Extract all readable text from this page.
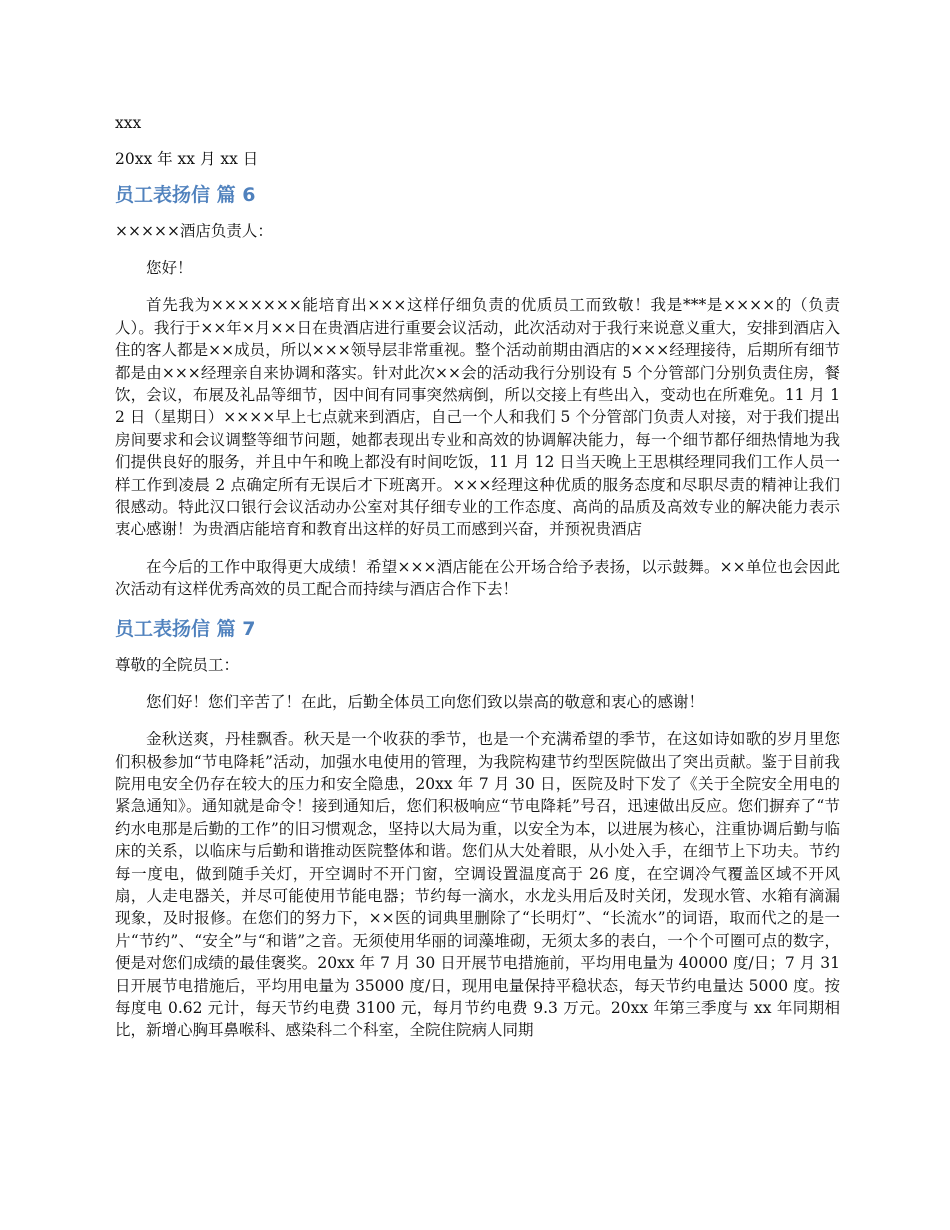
xxx

20xx 年 xx 月 xx 日

员工表扬信 篇 6

×××××酒店负责人：

您好！

首先我为×××××××能培育出×××这样仔细负责的优质员工而致敬！我是***是××××的（负责人）。我行于××年×月××日在贵酒店进行重要会议活动，此次活动对于我行来说意义重大，安排到酒店入住的客人都是××成员，所以×××领导层非常重视。整个活动前期由酒店的×××经理接待，后期所有细节都是由×××经理亲自来协调和落实。针对此次××会的活动我行分别设有 5 个分管部门分别负责住房，餐饮，会议，布展及礼品等细节，因中间有同事突然病倒，所以交接上有些出入，变动也在所难免。11 月 12 日（星期日）××××早上七点就来到酒店，自己一个人和我们 5 个分管部门负责人对接，对于我们提出房间要求和会议调整等细节问题，她都表现出专业和高效的协调解决能力，每一个细节都仔细热情地为我们提供良好的服务，并且中午和晚上都没有时间吃饭，11 月 12 日当天晚上王思棋经理同我们工作人员一样工作到凌晨 2 点确定所有无误后才下班离开。×××经理这种优质的服务态度和尽职尽责的精神让我们很感动。特此汉口银行会议活动办公室对其仔细专业的工作态度、高尚的品质及高效专业的解决能力表示衷心感谢！为贵酒店能培育和教育出这样的好员工而感到兴奋，并预祝贵酒店

在今后的工作中取得更大成绩！希望×××酒店能在公开场合给予表扬，以示鼓舞。××单位也会因此次活动有这样优秀高效的员工配合而持续与酒店合作下去！

员工表扬信 篇 7

尊敬的全院员工：

您们好！您们辛苦了！在此，后勤全体员工向您们致以崇高的敬意和衷心的感谢！

金秋送爽，丹桂飘香。秋天是一个收获的季节，也是一个充满希望的季节，在这如诗如歌的岁月里您们积极参加“节电降耗”活动，加强水电使用的管理，为我院构建节约型医院做出了突出贡献。鉴于目前我院用电安全仍存在较大的压力和安全隐患，20xx 年 7 月 30 日，医院及时下发了《关于全院安全用电的紧急通知》。通知就是命令！接到通知后，您们积极响应“节电降耗”号召，迅速做出反应。您们摒弃了“节约水电那是后勤的工作”的旧习惯观念，坚持以大局为重，以安全为本，以进展为核心，注重协调后勤与临床的关系，以临床与后勤和谐推动医院整体和谐。您们从大处着眼，从小处入手，在细节上下功夫。节约每一度电，做到随手关灯，开空调时不开门窗，空调设置温度高于 26 度，在空调冷气覆盖区域不开风扇，人走电器关，并尽可能使用节能电器；节约每一滴水，水龙头用后及时关闭，发现水管、水箱有滴漏现象，及时报修。在您们的努力下，××医的词典里删除了“长明灯”、“长流水”的词语，取而代之的是一片“节约”、“安全”与“和谐”之音。无须使用华丽的词藻堆砌，无须太多的表白，一个个可圈可点的数字，便是对您们成绩的最佳褒奖。20xx 年 7 月 30 日开展节电措施前，平均用电量为 40000 度/日；7 月 31 日开展节电措施后，平均用电量为 35000 度/日，现用电量保持平稳状态，每天节约电量达 5000 度。按每度电 0.62 元计，每天节约电费 3100 元，每月节约电费 9.3 万元。20xx 年第三季度与 xx 年同期相比，新增心胸耳鼻喉科、感染科二个科室，全院住院病人同期
